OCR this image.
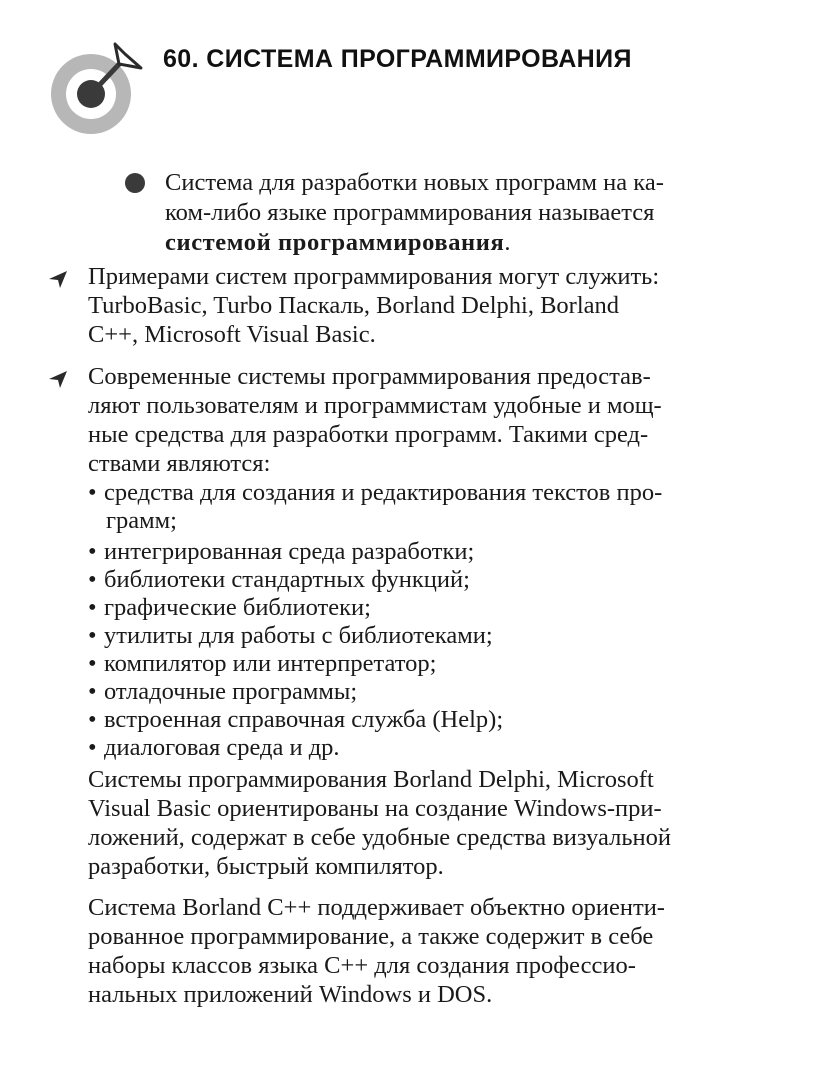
60. СИСТЕМА ПРОГРАММИРОВАНИЯ
Система для разработки новых программ на ка-
ком-либо языке программирования называется
системой программирования.
Примерами систем программирования могут служить:
TurboBasic, Turbo Паскаль, Borland Delphi, Borland
C++, Microsoft Visual Basic.
Современные системы программирования предостав-
ляют пользователям и программистам удобные и мощ-
ные средства для разработки программ. Такими сред-
ствами являются:
• средства для создания и редактирования текстов про-
грамм;
• интегрированная среда разработки;
• библиотеки стандартных функций;
• графические библиотеки;
• утилиты для работы с библиотеками;
• компилятор или интерпретатор;
• отладочные программы;
• встроенная справочная служба (Help);
• диалоговая среда и др.
Системы программирования Borland Delphi, Microsoft
Visual Basic ориентированы на создание Windows-при-
ложений, содержат в себе удобные средства визуальной
разработки, быстрый компилятор.
Система Borland C++ поддерживает объектно ориенти-
рованное программирование, а также содержит в себе
наборы классов языка C++ для создания профессио-
нальных приложений Windows и DOS.
